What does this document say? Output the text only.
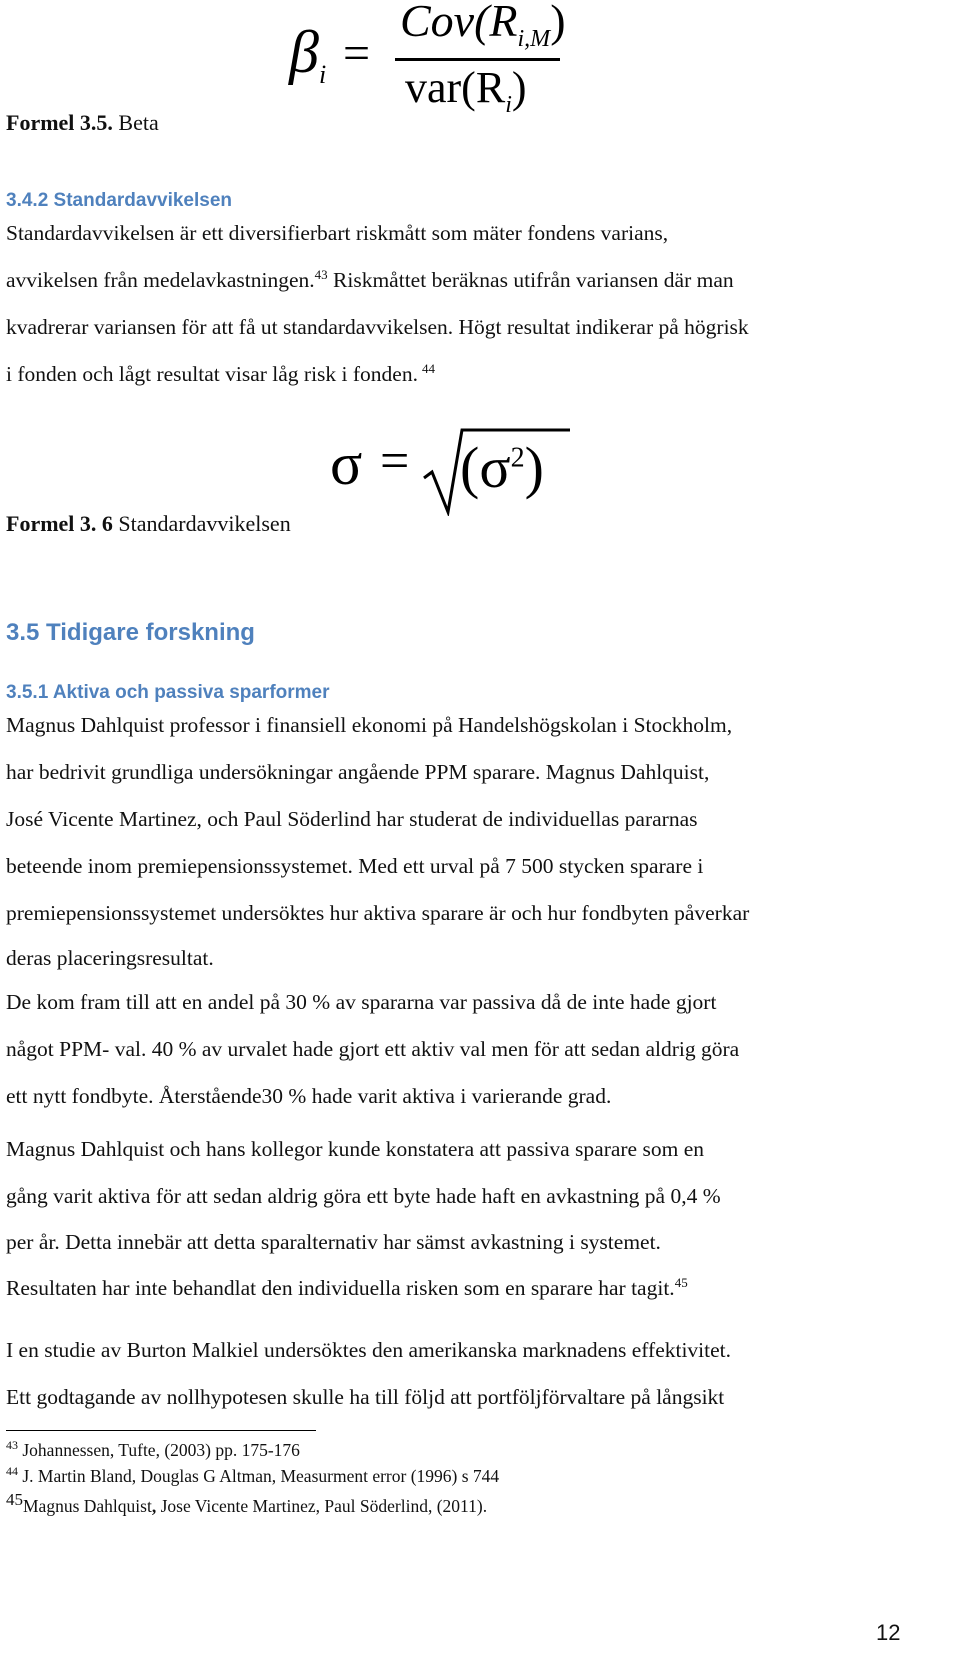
β i =
$Cov(R_{i,M})$
$var(R_i)$
Formel 3.5. Beta
3.4.2 Standardavvikelsen

Standardavvikelsen är ett diversifierbart riskmått som mäter fondens varians,

avvikelsen från medelavkastningen.$^{43}$ Riskmåttet beräknas utifrån variansen där man

kvadrerar variansen för att få ut standardavvikelsen. Högt resultat indikerar på högrisk

i fonden och lågt resultat visar låg risk i fonden. $^{44}$

$\sigma = (\sigma^2)$
Formel 3. 6 Standardavvikelsen
3.5 Tidigare forskning
3.5.1 Aktiva och passiva sparformer

Magnus Dahlquist professor i finansiell ekonomi på Handelshögskolan i Stockholm,

har bedrivit grundliga undersökningar angående PPM sparare. Magnus Dahlquist,

José Vicente Martinez, och Paul Söderlind har studerat de individuellas pararnas

beteende inom premiepensionssystemet. Med ett urval på 7 500 stycken sparare i

premiepensionssystemet undersöktes hur aktiva sparare är och hur fondbyten påverkar

deras placeringsresultat.

De kom fram till att en andel på 30 % av spararna var passiva då de inte hade gjort

något PPM- val. 40 % av urvalet hade gjort ett aktiv val men för att sedan aldrig göra

ett nytt fondbyte. Återstående30 % hade varit aktiva i varierande grad.

Magnus Dahlquist och hans kollegor kunde konstatera att passiva sparare som en

gång varit aktiva för att sedan aldrig göra ett byte hade haft en avkastning på 0,4 %

per år. Detta innebär att detta sparalternativ har sämst avkastning i systemet.

Resultaten har inte behandlat den individuella risken som en sparare har tagit.$^{45}$

I en studie av Burton Malkiel undersöktes den amerikanska marknadens effektivitet.

Ett godtagande av nollhypotesen skulle ha till följd att portföljförvaltare på långsikt

$^{43}$ Johannessen, Tufte, (2003) pp. 175-176
$^{44}$ J. Martin Bland, Douglas G Altman, Measurment error (1996) s 744
$^{45}$Magnus Dahlquist, Jose Vicente Martinez, Paul Söderlind, (2011).
12
